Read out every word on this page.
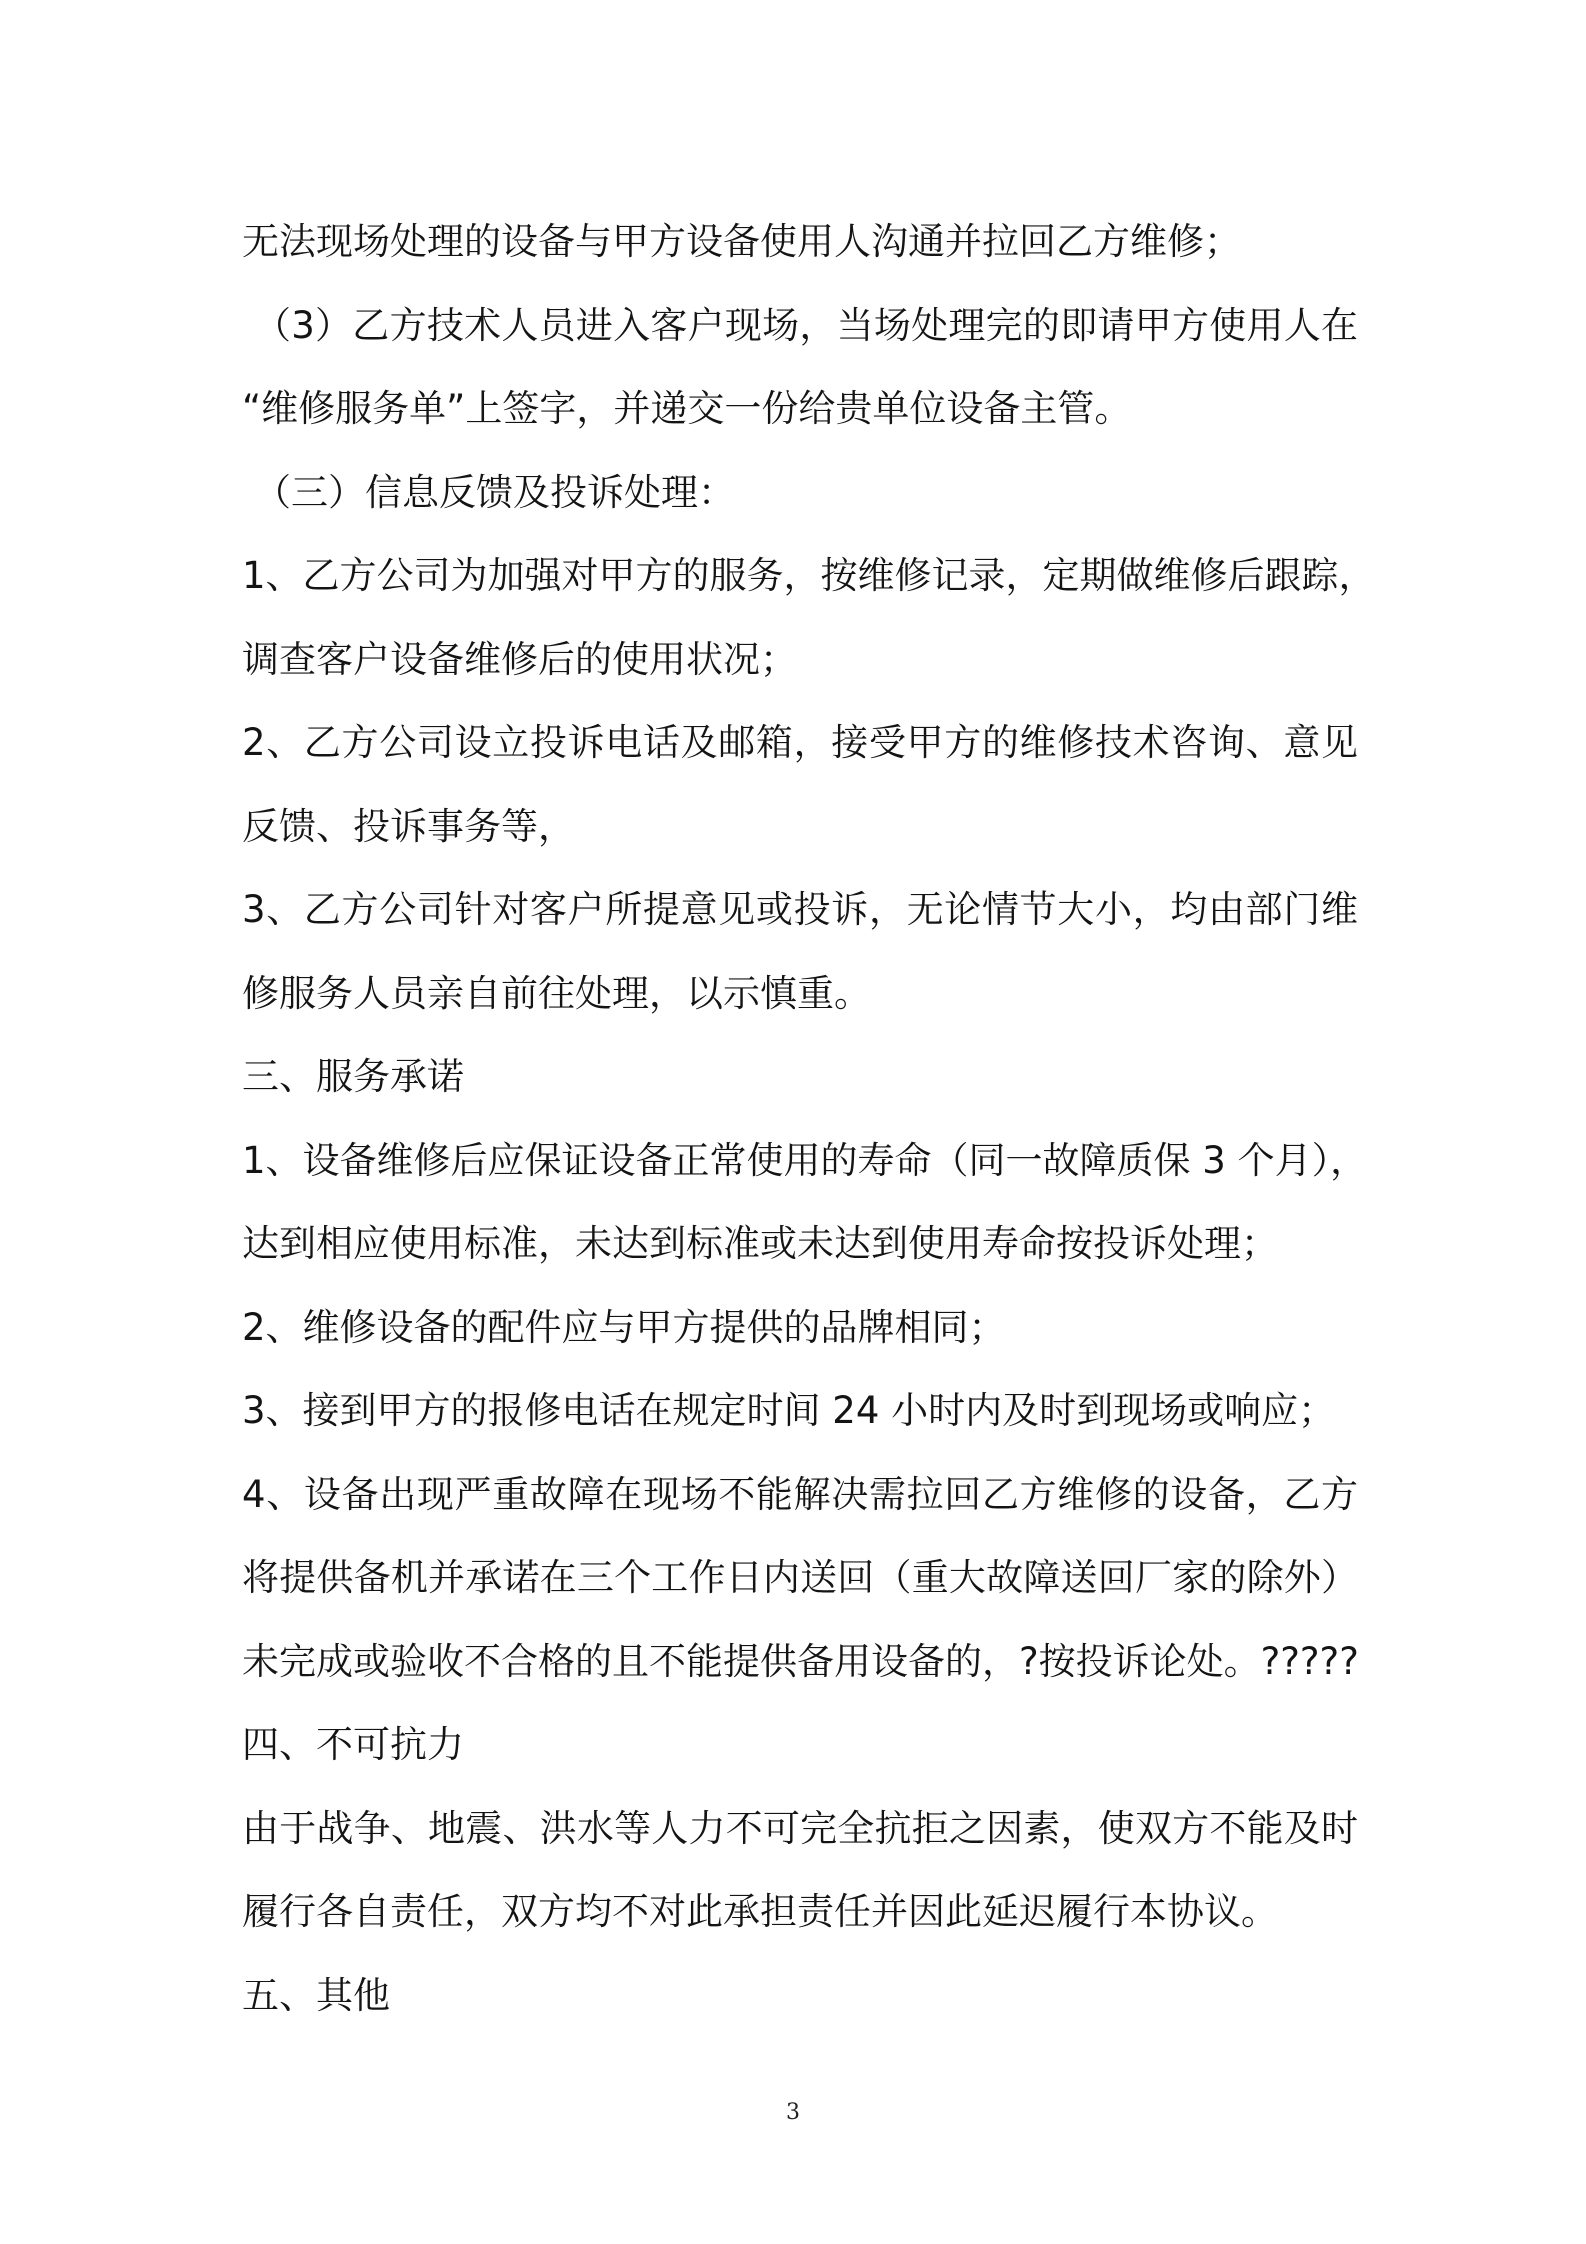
无法现场处理的设备与甲方设备使用人沟通并拉回乙方维修；
（3）乙方技术人员进入客户现场，当场处理完的即请甲方使用人在
“维修服务单”上签字，并递交一份给贵单位设备主管。
（三）信息反馈及投诉处理：
1、乙方公司为加强对甲方的服务，按维修记录，定期做维修后跟踪，
调查客户设备维修后的使用状况；
2、乙方公司设立投诉电话及邮箱，接受甲方的维修技术咨询、意见
反馈、投诉事务等，
3、乙方公司针对客户所提意见或投诉，无论情节大小，均由部门维
修服务人员亲自前往处理，以示慎重。
三、服务承诺
1、设备维修后应保证设备正常使用的寿命（同一故障质保 3 个月），
达到相应使用标准，未达到标准或未达到使用寿命按投诉处理；
2、维修设备的配件应与甲方提供的品牌相同；
3、接到甲方的报修电话在规定时间 24 小时内及时到现场或响应；
4、设备出现严重故障在现场不能解决需拉回乙方维修的设备，乙方
将提供备机并承诺在三个工作日内送回（重大故障送回厂家的除外）
未完成或验收不合格的且不能提供备用设备的，?按投诉论处。?????
四、不可抗力
由于战争、地震、洪水等人力不可完全抗拒之因素，使双方不能及时
履行各自责任，双方均不对此承担责任并因此延迟履行本协议。
五、其他
3
